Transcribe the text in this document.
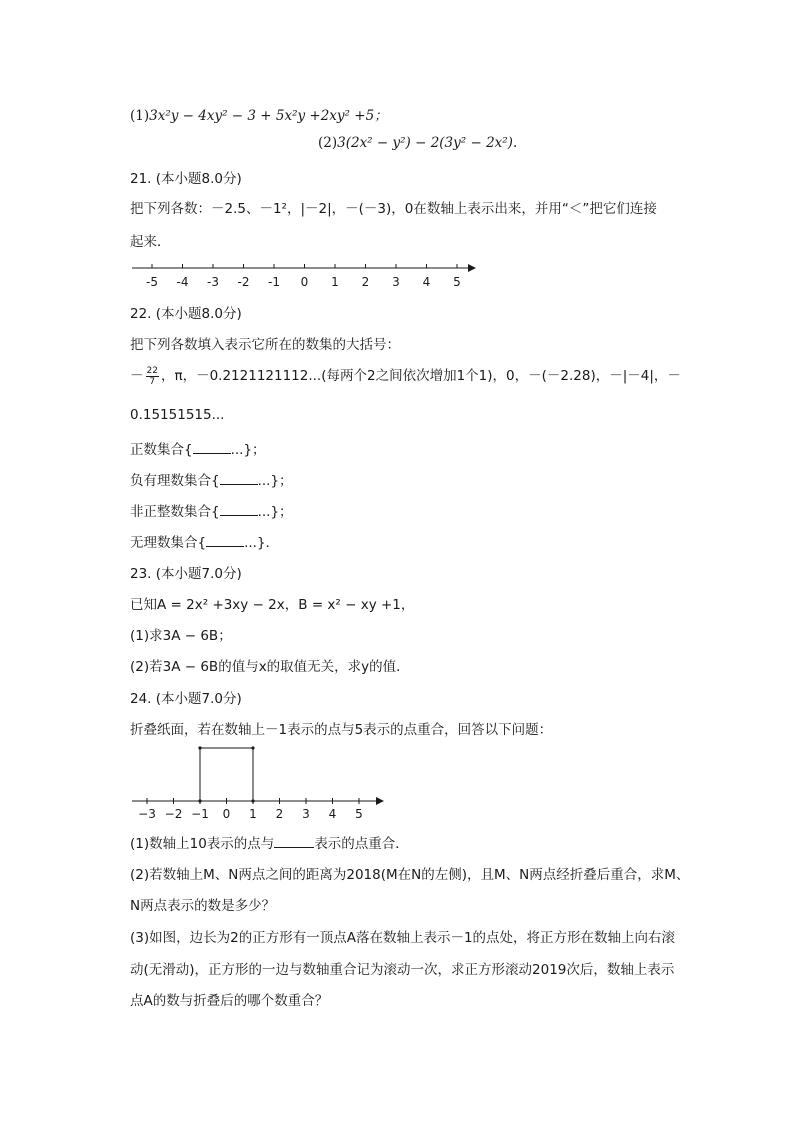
(1)3x²y − 4xy² − 3 + 5x²y +2xy² +5；
(2)3(2x² − y²) − 2(3y² − 2x²).
21. (本小题8.0分)
把下列各数：－2.5、－1²，|－2|，－(－3)，0在数轴上表示出来，并用“＜”把它们连接
起来．
-5 -4 -3 -2 -1 0 1 2 3 4 5
22. (本小题8.0分)
把下列各数填入表示它所在的数集的大括号：
－ $\frac{22}{7}$ ，π，－0.2121121112...(每两个2之间依次增加1个1)，0，－(－2.28)，－|－4|，－
0.15151515...
正数集合{	...}；
负有理数集合{	...}；
非正整数集合{	...}；
无理数集合{	...}．
23. (本小题7.0分)
已知A = 2x² +3xy − 2x，B = x² − xy +1，
(1)求3A − 6B；
(2)若3A − 6B的值与x的取值无关，求y的值．
24. (本小题7.0分)
折叠纸面，若在数轴上－1表示的点与5表示的点重合，回答以下问题：
−3 −2 −1 0 1 2 3 4 5
(1)数轴上10表示的点与	表示的点重合．
(2)若数轴上M、N两点之间的距离为2018(M在N的左侧)，且M、N两点经折叠后重合，求M、
N两点表示的数是多少？
(3)如图，边长为2的正方形有一顶点A落在数轴上表示－1的点处，将正方形在数轴上向右滚
动(无滑动)，正方形的一边与数轴重合记为滚动一次，求正方形滚动2019次后，数轴上表示
点A的数与折叠后的哪个数重合？
